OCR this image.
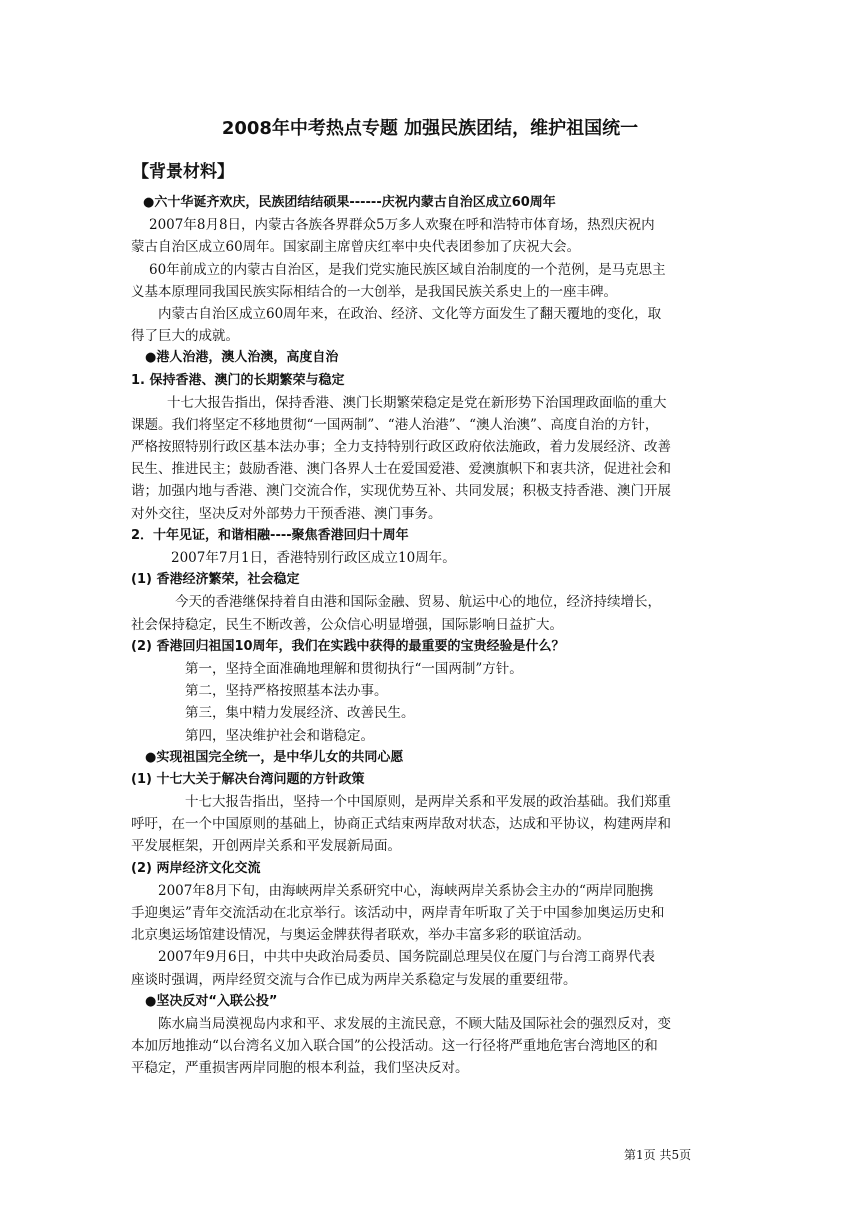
2008年中考热点专题 加强民族团结，维护祖国统一
【背景材料】
●六十华诞齐欢庆，民族团结结硕果------庆祝内蒙古自治区成立60周年
2007年8月8日，内蒙古各族各界群众5万多人欢聚在呼和浩特市体育场，热烈庆祝内
蒙古自治区成立60周年。国家副主席曾庆红率中央代表团参加了庆祝大会。
60年前成立的内蒙古自治区，是我们党实施民族区域自治制度的一个范例，是马克思主
义基本原理同我国民族实际相结合的一大创举，是我国民族关系史上的一座丰碑。
内蒙古自治区成立60周年来，在政治、经济、文化等方面发生了翻天覆地的变化，取
得了巨大的成就。
●港人治港，澳人治澳，高度自治
1. 保持香港、澳门的长期繁荣与稳定
十七大报告指出，保持香港、澳门长期繁荣稳定是党在新形势下治国理政面临的重大
课题。我们将坚定不移地贯彻“一国两制”、“港人治港”、“澳人治澳”、高度自治的方针，
严格按照特别行政区基本法办事；全力支持特别行政区政府依法施政，着力发展经济、改善
民生、推进民主；鼓励香港、澳门各界人士在爱国爱港、爱澳旗帜下和衷共济，促进社会和
谐；加强内地与香港、澳门交流合作，实现优势互补、共同发展；积极支持香港、澳门开展
对外交往，坚决反对外部势力干预香港、澳门事务。
2．十年见证，和谐相融----聚焦香港回归十周年
2007年7月1日，香港特别行政区成立10周年。
(1) 香港经济繁荣，社会稳定
今天的香港继保持着自由港和国际金融、贸易、航运中心的地位，经济持续增长，
社会保持稳定，民生不断改善，公众信心明显增强，国际影响日益扩大。
(2) 香港回归祖国10周年，我们在实践中获得的最重要的宝贵经验是什么？
第一，坚持全面准确地理解和贯彻执行“一国两制”方针。
第二，坚持严格按照基本法办事。
第三，集中精力发展经济、改善民生。
第四，坚决维护社会和谐稳定。
●实现祖国完全统一，是中华儿女的共同心愿
(1) 十七大关于解决台湾问题的方针政策
十七大报告指出，坚持一个中国原则，是两岸关系和平发展的政治基础。我们郑重
呼吁，在一个中国原则的基础上，协商正式结束两岸敌对状态，达成和平协议，构建两岸和
平发展框架，开创两岸关系和平发展新局面。
(2) 两岸经济文化交流
2007年8月下旬，由海峡两岸关系研究中心，海峡两岸关系协会主办的“两岸同胞携
手迎奥运”青年交流活动在北京举行。该活动中，两岸青年听取了关于中国参加奥运历史和
北京奥运场馆建设情况，与奥运金牌获得者联欢，举办丰富多彩的联谊活动。
2007年9月6日，中共中央政治局委员、国务院副总理吴仪在厦门与台湾工商界代表
座谈时强调，两岸经贸交流与合作已成为两岸关系稳定与发展的重要纽带。
●坚决反对“入联公投”
陈水扁当局漠视岛内求和平、求发展的主流民意，不顾大陆及国际社会的强烈反对，变
本加厉地推动“以台湾名义加入联合国”的公投活动。这一行径将严重地危害台湾地区的和
平稳定，严重损害两岸同胞的根本利益，我们坚决反对。
第1页 共5页
